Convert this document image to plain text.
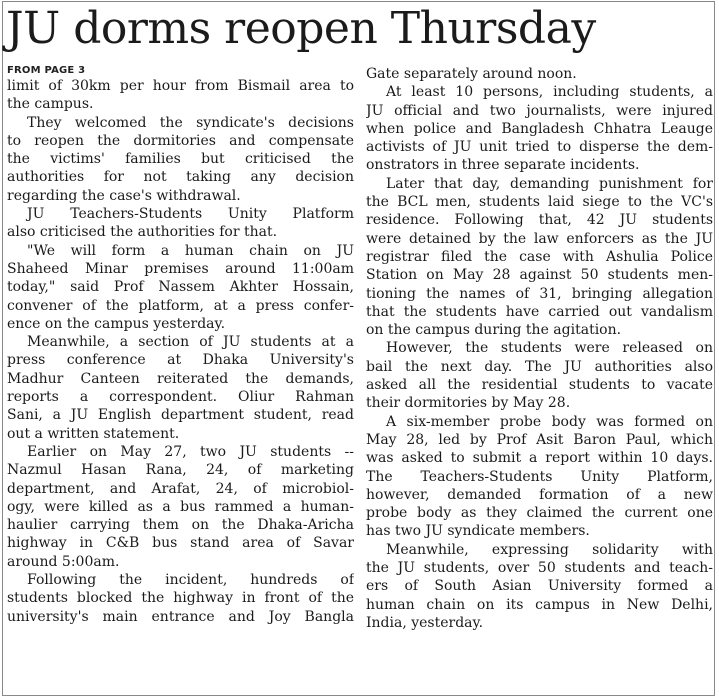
JU dorms reopen Thursday

FROM PAGE 3

limit of 30km per hour from Bismail area to

the campus.

They welcomed the syndicate's decisions

to reopen the dormitories and compensate

the victims' families but criticised the

authorities for not taking any decision

regarding the case's withdrawal.

JU Teachers-Students Unity Platform

also criticised the authorities for that.

"We will form a human chain on JU

Shaheed Minar premises around 11:00am

today," said Prof Nassem Akhter Hossain,

convener of the platform, at a press confer-

ence on the campus yesterday.

Meanwhile, a section of JU students at a

press conference at Dhaka University's

Madhur Canteen reiterated the demands,

reports a correspondent. Oliur Rahman

Sani, a JU English department student, read

out a written statement.

Earlier on May 27, two JU students --

Nazmul Hasan Rana, 24, of marketing

department, and Arafat, 24, of microbiol-

ogy, were killed as a bus rammed a human-

haulier carrying them on the Dhaka-Aricha

highway in C&B bus stand area of Savar

around 5:00am.

Following the incident, hundreds of

students blocked the highway in front of the

university's main entrance and Joy Bangla

Gate separately around noon.

At least 10 persons, including students, a

JU official and two journalists, were injured

when police and Bangladesh Chhatra Leauge

activists of JU unit tried to disperse the dem-

onstrators in three separate incidents.

Later that day, demanding punishment for

the BCL men, students laid siege to the VC's

residence. Following that, 42 JU students

were detained by the law enforcers as the JU

registrar filed the case with Ashulia Police

Station on May 28 against 50 students men-

tioning the names of 31, bringing allegation

that the students have carried out vandalism

on the campus during the agitation.

However, the students were released on

bail the next day. The JU authorities also

asked all the residential students to vacate

their dormitories by May 28.

A six-member probe body was formed on

May 28, led by Prof Asit Baron Paul, which

was asked to submit a report within 10 days.

The Teachers-Students Unity Platform,

however, demanded formation of a new

probe body as they claimed the current one

has two JU syndicate members.

Meanwhile, expressing solidarity with

the JU students, over 50 students and teach-

ers of South Asian University formed a

human chain on its campus in New Delhi,

India, yesterday.
